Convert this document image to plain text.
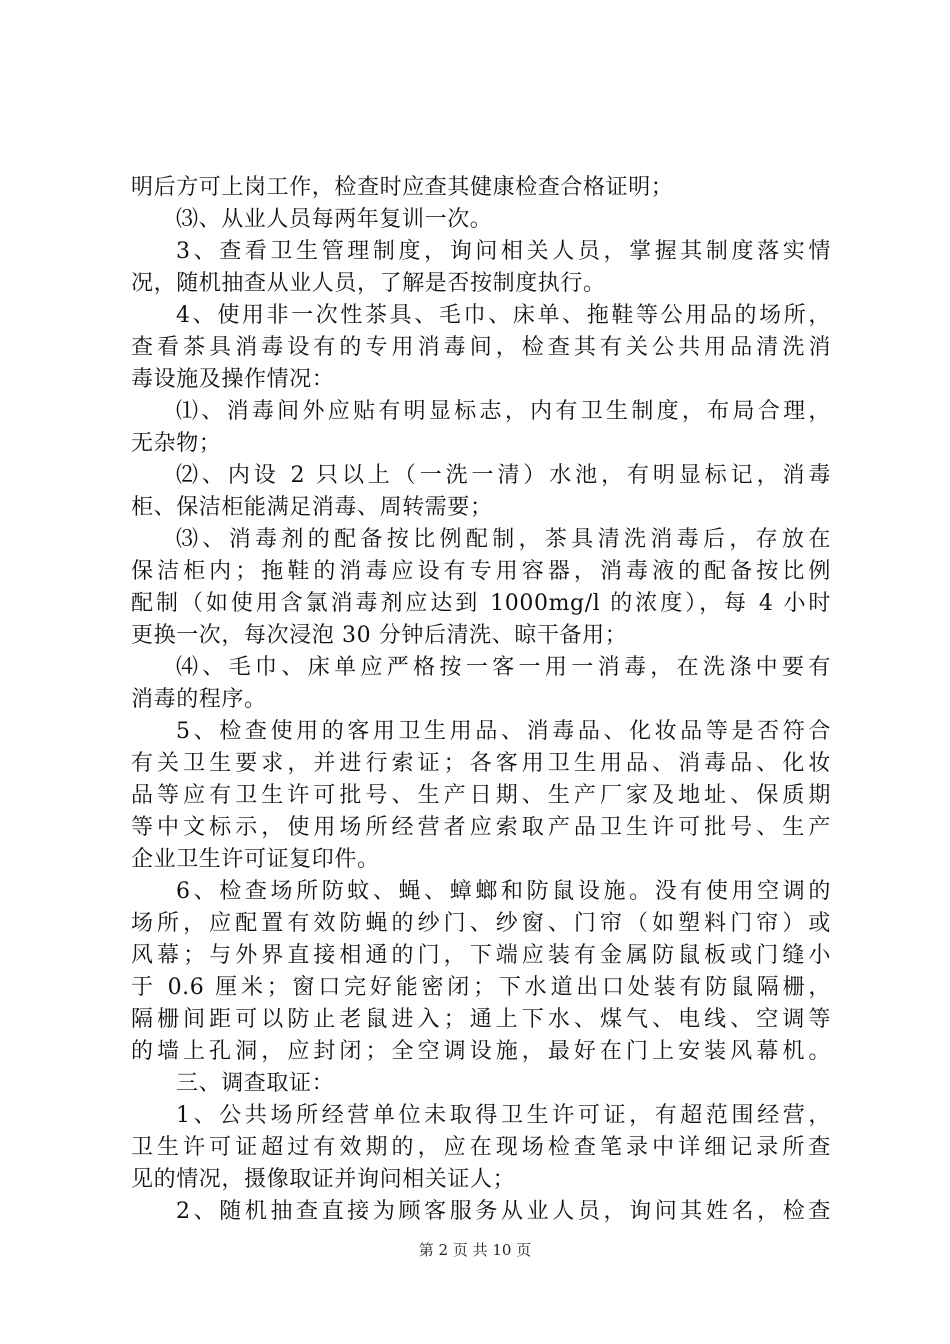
明后方可上岗工作，检查时应查其健康检查合格证明；
⑶、从业人员每两年复训一次。
3、查看卫生管理制度，询问相关人员，掌握其制度落实情
况，随机抽查从业人员，了解是否按制度执行。
4、使用非一次性茶具、毛巾、床单、拖鞋等公用品的场所，
查看茶具消毒设有的专用消毒间，检查其有关公共用品清洗消
毒设施及操作情况：
⑴、消毒间外应贴有明显标志，内有卫生制度，布局合理，
无杂物；
⑵、内设 2 只以上（一洗一清）水池，有明显标记，消毒
柜、保洁柜能满足消毒、周转需要；
⑶、消毒剂的配备按比例配制，茶具清洗消毒后，存放在
保洁柜内；拖鞋的消毒应设有专用容器，消毒液的配备按比例
配制（如使用含氯消毒剂应达到 1000mg/l 的浓度），每 4 小时
更换一次，每次浸泡 30 分钟后清洗、晾干备用；
⑷、毛巾、床单应严格按一客一用一消毒，在洗涤中要有
消毒的程序。
5、检查使用的客用卫生用品、消毒品、化妆品等是否符合
有关卫生要求，并进行索证；各客用卫生用品、消毒品、化妆
品等应有卫生许可批号、生产日期、生产厂家及地址、保质期
等中文标示，使用场所经营者应索取产品卫生许可批号、生产
企业卫生许可证复印件。
6、检查场所防蚊、蝇、蟑螂和防鼠设施。没有使用空调的
场所，应配置有效防蝇的纱门、纱窗、门帘（如塑料门帘）或
风幕；与外界直接相通的门，下端应装有金属防鼠板或门缝小
于 0.6 厘米；窗口完好能密闭；下水道出口处装有防鼠隔栅，
隔栅间距可以防止老鼠进入；通上下水、煤气、电线、空调等
的墙上孔洞，应封闭；全空调设施，最好在门上安装风幕机。
三、调查取证：
1、公共场所经营单位未取得卫生许可证，有超范围经营，
卫生许可证超过有效期的，应在现场检查笔录中详细记录所查
见的情况，摄像取证并询问相关证人；
2、随机抽查直接为顾客服务从业人员，询问其姓名，检查
第 2 页 共 10 页
